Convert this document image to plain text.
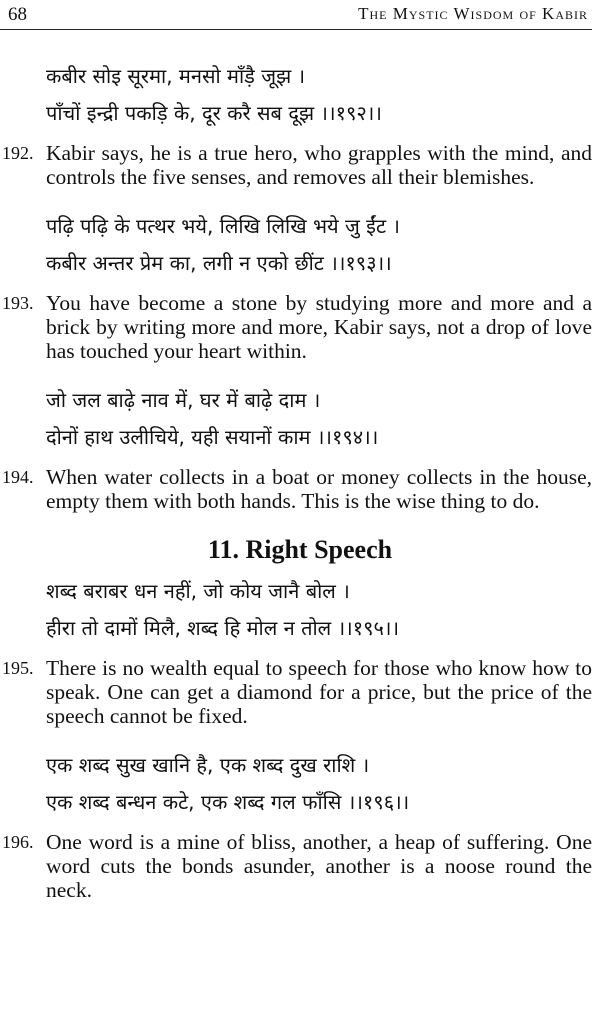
68	The Mystic Wisdom of Kabir
कबीर सोइ सूरमा, मनसो माँड़ै जूझ ।
पाँचों इन्द्री पकड़ि के, दूर करै सब दूझ ।।१९२।।
192. Kabir says, he is a true hero, who grapples with the mind, and controls the five senses, and removes all their blemishes.
पढ़ि पढ़ि के पत्थर भये, लिखि लिखि भये जु ईंट ।
कबीर अन्तर प्रेम का, लगी न एको छींट ।।१९३।।
193. You have become a stone by studying more and more and a brick by writing more and more, Kabir says, not a drop of love has touched your heart within.
जो जल बाढ़े नाव में, घर में बाढ़े दाम ।
दोनों हाथ उलीचिये, यही सयानों काम ।।१९४।।
194. When water collects in a boat or money collects in the house, empty them with both hands. This is the wise thing to do.
11. Right Speech
शब्द बराबर धन नहीं, जो कोय जानै बोल ।
हीरा तो दामों मिलै, शब्द हि मोल न तोल ।।१९५।।
195. There is no wealth equal to speech for those who know how to speak. One can get a diamond for a price, but the price of the speech cannot be fixed.
एक शब्द सुख खानि है, एक शब्द दुख राशि ।
एक शब्द बन्धन कटे, एक शब्द गल फाँसि ।।१९६।।
196. One word is a mine of bliss, another, a heap of suffering. One word cuts the bonds asunder, another is a noose round the neck.
